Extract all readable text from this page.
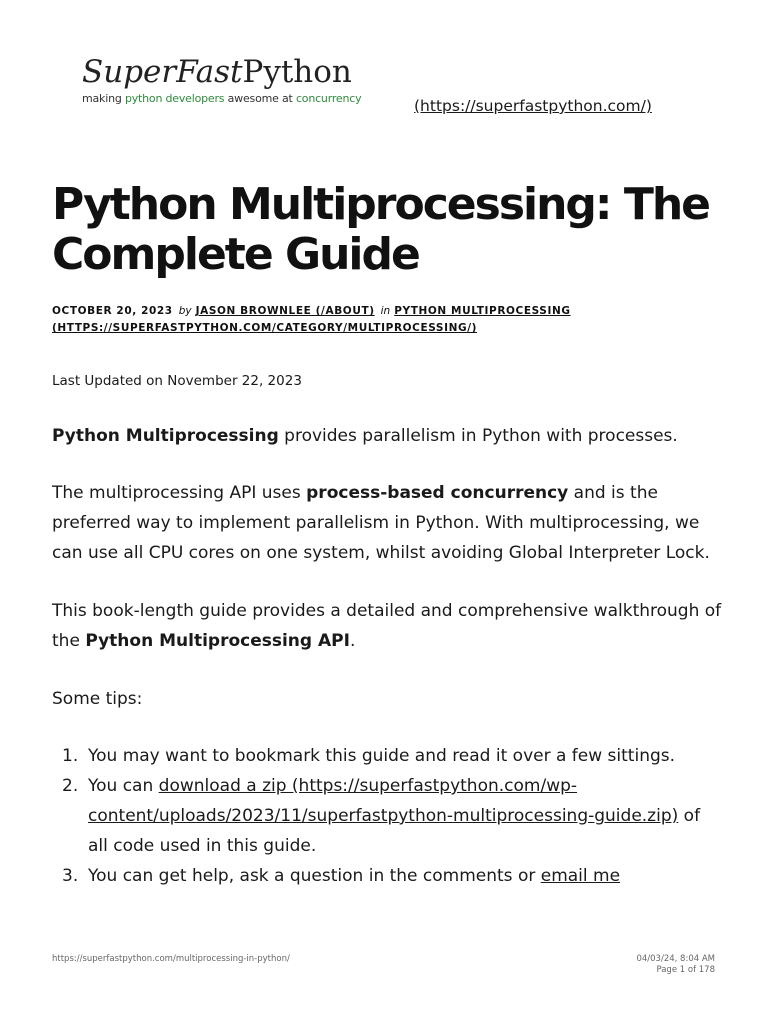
SuperFastPython
making python developers awesome at concurrency	(https://superfastpython.com/)
Python Multiprocessing: The Complete Guide
OCTOBER 20, 2023 by JASON BROWNLEE (/ABOUT) in PYTHON MULTIPROCESSING (HTTPS://SUPERFASTPYTHON.COM/CATEGORY/MULTIPROCESSING/)
Last Updated on November 22, 2023

Python Multiprocessing provides parallelism in Python with processes.

The multiprocessing API uses process-based concurrency and is the preferred way to implement parallelism in Python. With multiprocessing, we can use all CPU cores on one system, whilst avoiding Global Interpreter Lock.

This book-length guide provides a detailed and comprehensive walkthrough of the Python Multiprocessing API.

Some tips:

1. You may want to bookmark this guide and read it over a few sittings.
2. You can download a zip (https://superfastpython.com/wp-content/uploads/2023/11/superfastpython-multiprocessing-guide.zip) of all code used in this guide.
3. You can get help, ask a question in the comments or email me
https://superfastpython.com/multiprocessing-in-python/	04/03/24, 8:04 AM
Page 1 of 178
